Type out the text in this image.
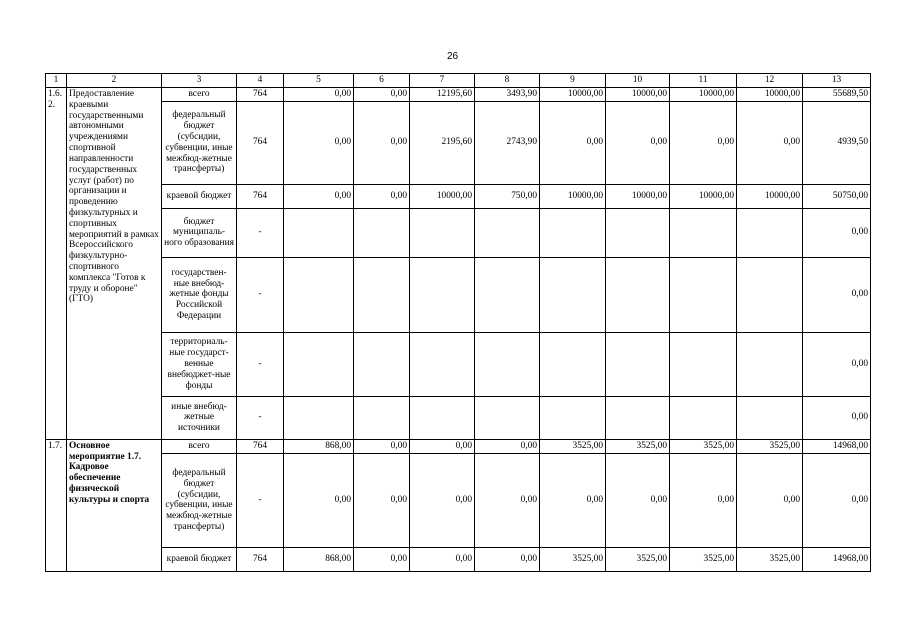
26
1	2	3	4	5	6	7	8	9	10	11	12	13
1.6.
2.	Предоставление краевыми государственными автономными учреждениями спортивной направленности государственных услуг (работ) по организации и проведению физкультурных и спортивных мероприятий в рамках Всероссийского физкультурно-спортивного комплекса "Готов к труду и обороне" (ГТО)	всего	764	0,00	0,00	12195,60	3493,90	10000,00	10000,00	10000,00	10000,00	55689,50
		федеральный бюджет (субсидии, субвенции, иные межбюд-жетные трансферты)	764	0,00	0,00	2195,60	2743,90	0,00	0,00	0,00	0,00	4939,50
		краевой бюджет	764	0,00	0,00	10000,00	750,00	10000,00	10000,00	10000,00	10000,00	50750,00
		бюджет муниципаль-ного образования	-									0,00
		государствен-ные внебюд-жетные фонды Российской Федерации	-									0,00
		территориаль-ные государст-венные внебюджет-ные фонды	-									0,00
		иные внебюд-жетные источники	-									0,00
1.7.	Основное мероприятие 1.7. Кадровое обеспечение физической культуры и спорта	всего	764	868,00	0,00	0,00	0,00	3525,00	3525,00	3525,00	3525,00	14968,00
		федеральный бюджет (субсидии, субвенции, иные межбюд-жетные трансферты)	-	0,00	0,00	0,00	0,00	0,00	0,00	0,00	0,00	0,00
		краевой бюджет	764	868,00	0,00	0,00	0,00	3525,00	3525,00	3525,00	3525,00	14968,00
